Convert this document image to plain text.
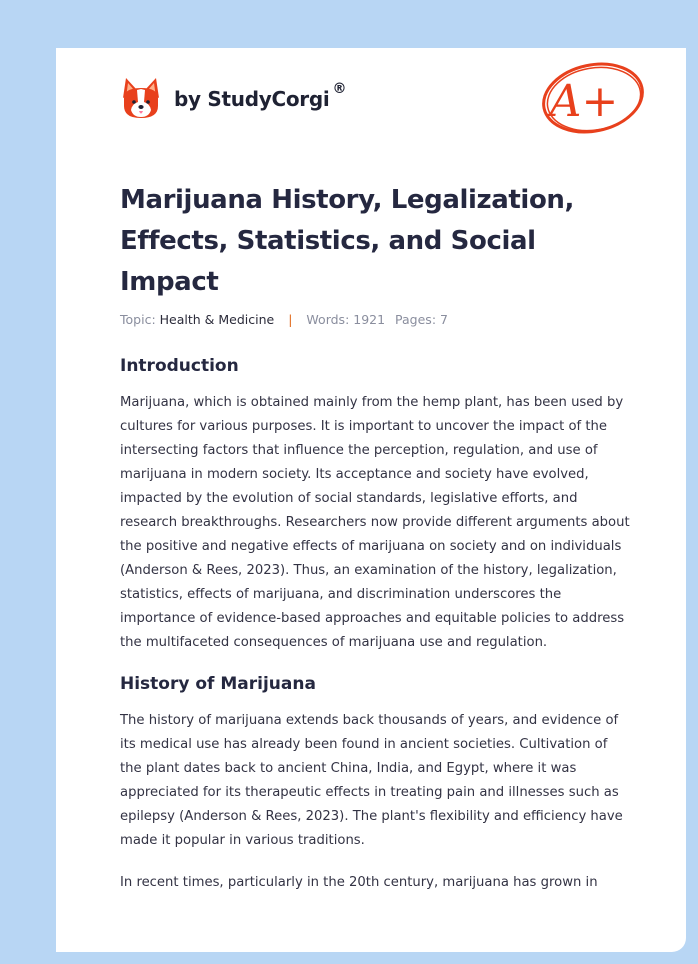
by StudyCorgi ®	A+
Marijuana History, Legalization, Effects, Statistics, and Social Impact
Topic: Health & Medicine | Words: 1921 Pages: 7
Introduction

Marijuana, which is obtained mainly from the hemp plant, has been used by cultures for various purposes. It is important to uncover the impact of the intersecting factors that influence the perception, regulation, and use of marijuana in modern society. Its acceptance and society have evolved, impacted by the evolution of social standards, legislative efforts, and research breakthroughs. Researchers now provide different arguments about the positive and negative effects of marijuana on society and on individuals (Anderson & Rees, 2023). Thus, an examination of the history, legalization, statistics, effects of marijuana, and discrimination underscores the importance of evidence-based approaches and equitable policies to address the multifaceted consequences of marijuana use and regulation.

History of Marijuana

The history of marijuana extends back thousands of years, and evidence of its medical use has already been found in ancient societies. Cultivation of the plant dates back to ancient China, India, and Egypt, where it was appreciated for its therapeutic effects in treating pain and illnesses such as epilepsy (Anderson & Rees, 2023). The plant's flexibility and efficiency have made it popular in various traditions.

In recent times, particularly in the 20th century, marijuana has grown in
